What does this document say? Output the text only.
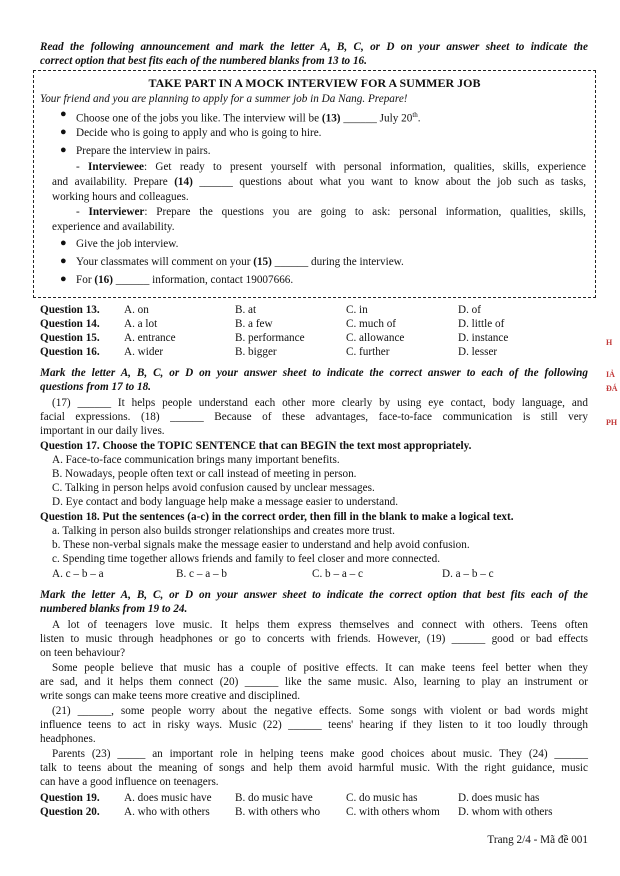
Read the following announcement and mark the letter A, B, C, or D on your answer sheet to indicate the
correct option that best fits each of the numbered blanks from 13 to 16.
TAKE PART IN A MOCK INTERVIEW FOR A SUMMER JOB
Your friend and you are planning to apply for a summer job in Da Nang. Prepare!
● Choose one of the jobs you like. The interview will be (13) ______ July 20th.
● Decide who is going to apply and who is going to hire.
● Prepare the interview in pairs.
- Interviewee: Get ready to present yourself with personal information, qualities, skills, experience
and availability. Prepare (14) ______ questions about what you want to know about the job such as tasks,
working hours and colleagues.
- Interviewer: Prepare the questions you are going to ask: personal information, qualities, skills,
experience and availability.
● Give the job interview.
● Your classmates will comment on your (15) ______ during the interview.
● For (16) ______ information, contact 19007666.
Question 13. A. on	B. at	C. in	D. of
Question 14. A. a lot	B. a few	C. much of	D. little of
Question 15. A. entrance	B. performance	C. allowance	D. instance
Question 16. A. wider	B. bigger	C. further	D. lesser
Mark the letter A, B, C, or D on your answer sheet to indicate the correct answer to each of the following
questions from 17 to 18.
(17) ______ It helps people understand each other more clearly by using eye contact, body language, and
facial expressions. (18) ______ Because of these advantages, face-to-face communication is still very
important in our daily lives.
Question 17. Choose the TOPIC SENTENCE that can BEGIN the text most appropriately.
A. Face-to-face communication brings many important benefits.
B. Nowadays, people often text or call instead of meeting in person.
C. Talking in person helps avoid confusion caused by unclear messages.
D. Eye contact and body language help make a message easier to understand.
Question 18. Put the sentences (a-c) in the correct order, then fill in the blank to make a logical text.
a. Talking in person also builds stronger relationships and creates more trust.
b. These non-verbal signals make the message easier to understand and help avoid confusion.
c. Spending time together allows friends and family to feel closer and more connected.
A. c – b – a	B. c – a – b	C. b – a – c	D. a – b – c
Mark the letter A, B, C, or D on your answer sheet to indicate the correct option that best fits each of the
numbered blanks from 19 to 24.
A lot of teenagers love music. It helps them express themselves and connect with others. Teens often
listen to music through headphones or go to concerts with friends. However, (19) ______ good or bad effects
on teen behaviour?
Some people believe that music has a couple of positive effects. It can make teens feel better when they
are sad, and it helps them connect (20) ______ like the same music. Also, learning to play an instrument or
write songs can make teens more creative and disciplined.
(21) ______, some people worry about the negative effects. Some songs with violent or bad words might
influence teens to act in risky ways. Music (22) ______ teens' hearing if they listen to it too loudly through
headphones.
Parents (23) _____ an important role in helping teens make good choices about music. They (24) ______
talk to teens about the meaning of songs and help them avoid harmful music. With the right guidance, music
can have a good influence on teenagers.
Question 19. A. does music have B. do music have	C. do music has	D. does music has
Question 20. A. who with others B. with others who C. with others whom D. whom with others
Trang 2/4 - Mã đề 001
H
IẢ
ĐÁ
PH
